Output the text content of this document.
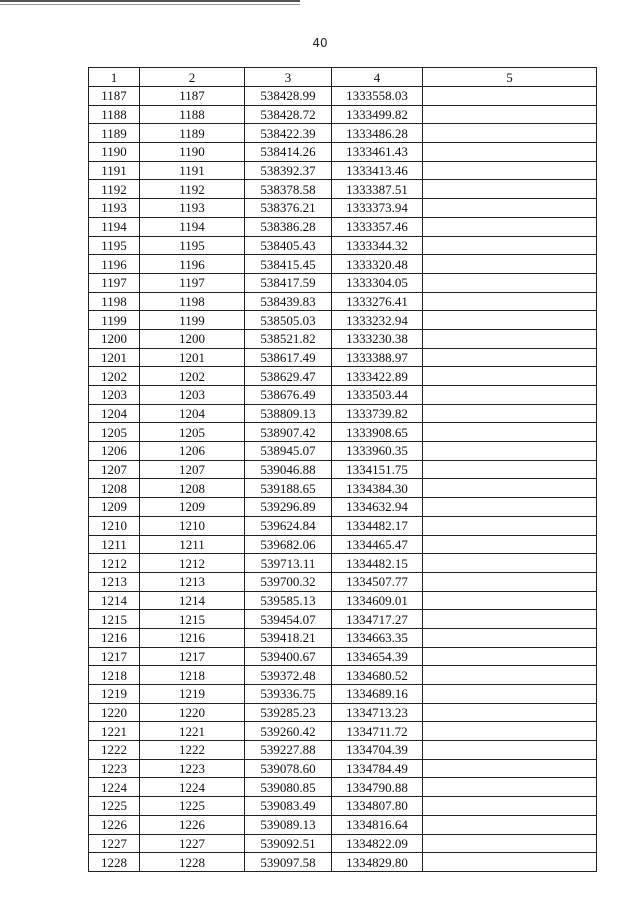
40
1	2	3	4	5
1187	1187	538428.99	1333558.03	
1188	1188	538428.72	1333499.82	
1189	1189	538422.39	1333486.28	
1190	1190	538414.26	1333461.43	
1191	1191	538392.37	1333413.46	
1192	1192	538378.58	1333387.51	
1193	1193	538376.21	1333373.94	
1194	1194	538386.28	1333357.46	
1195	1195	538405.43	1333344.32	
1196	1196	538415.45	1333320.48	
1197	1197	538417.59	1333304.05	
1198	1198	538439.83	1333276.41	
1199	1199	538505.03	1333232.94	
1200	1200	538521.82	1333230.38	
1201	1201	538617.49	1333388.97	
1202	1202	538629.47	1333422.89	
1203	1203	538676.49	1333503.44	
1204	1204	538809.13	1333739.82	
1205	1205	538907.42	1333908.65	
1206	1206	538945.07	1333960.35	
1207	1207	539046.88	1334151.75	
1208	1208	539188.65	1334384.30	
1209	1209	539296.89	1334632.94	
1210	1210	539624.84	1334482.17	
1211	1211	539682.06	1334465.47	
1212	1212	539713.11	1334482.15	
1213	1213	539700.32	1334507.77	
1214	1214	539585.13	1334609.01	
1215	1215	539454.07	1334717.27	
1216	1216	539418.21	1334663.35	
1217	1217	539400.67	1334654.39	
1218	1218	539372.48	1334680.52	
1219	1219	539336.75	1334689.16	
1220	1220	539285.23	1334713.23	
1221	1221	539260.42	1334711.72	
1222	1222	539227.88	1334704.39	
1223	1223	539078.60	1334784.49	
1224	1224	539080.85	1334790.88	
1225	1225	539083.49	1334807.80	
1226	1226	539089.13	1334816.64	
1227	1227	539092.51	1334822.09	
1228	1228	539097.58	1334829.80	
